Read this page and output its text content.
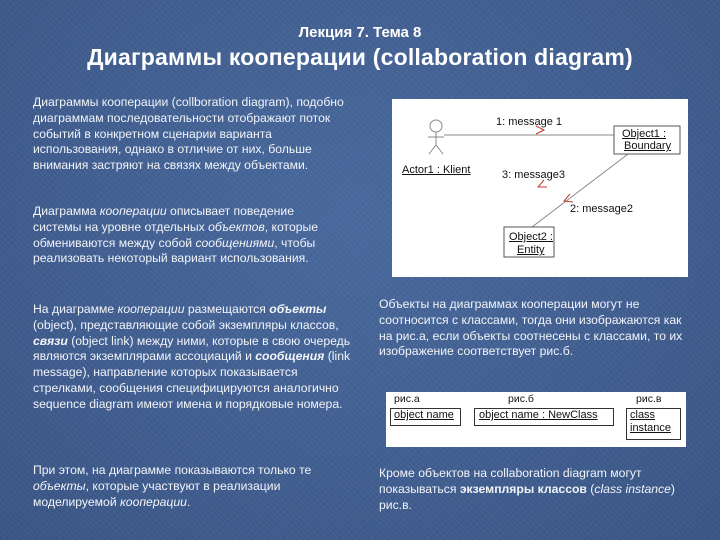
Лекция 7. Тема 8
Диаграммы кооперации (collaboration diagram)
Диаграммы кооперации (collboration diagram), подобно диаграммам последовательности отображают поток событий в конкретном сценарии варианта использования, однако в отличие от них, больше внимания застряют на связях между объектами.
Диаграмма кооперации описывает поведение системы на уровне отдельных объектов, которые обмениваются между собой сообщениями, чтобы реализовать некоторый вариант использования.
На диаграмме кооперации размещаются объекты (object), представляющие собой экземпляры классов, связи (object link) между ними, которые в свою очередь являются экземплярами ассоциаций и сообщения (link message), направление которых показывается стрелками, сообщения специфицируются аналогично sequence diagram имеют имена и порядковые номера.
При этом, на диаграмме показываются только те объекты, которые участвуют в реализации моделируемой кооперации.
Объекты на диаграммах кооперации могут не соотносится с классами, тогда они изображаются как на рис.а, если объекты соотнесены с классами, то их изображение соответствует рис.б.
Кроме объектов на collaboration diagram могут показываться экземпляры классов (class instance) рис.в.
1: message 1
Object1 :
Boundary
Actor1 : Klient	3: message3
2: message2
Object2 :
Entity
рис.а	рис.б	рис.в
object name	object name : NewClass	class
instance
